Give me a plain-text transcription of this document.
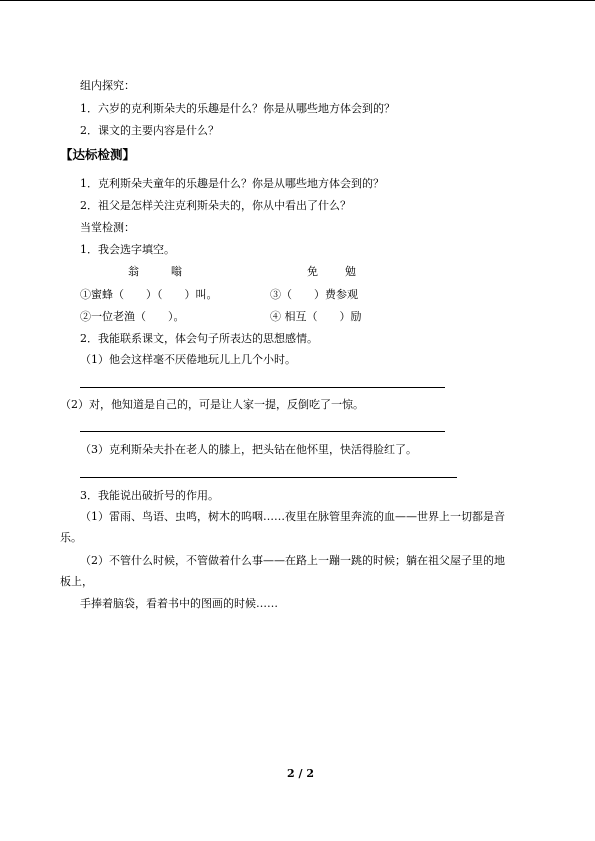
组内探究：
1．六岁的克利斯朵夫的乐趣是什么？你是从哪些地方体会到的？
2．课文的主要内容是什么？
【达标检测】
1．克利斯朵夫童年的乐趣是什么？你是从哪些地方体会到的？
2．祖父是怎样关注克利斯朵夫的，你从中看出了什么？
当堂检测：
1．我会选字填空。
翁	嗡	免 勉
①蜜蜂（　　）（　　）叫。	③（　　）费参观
②一位老渔（　　）。	④ 相互（　　）励
2．我能联系课文，体会句子所表达的思想感情。
（1）他会这样毫不厌倦地玩儿上几个小时。
（2）对，他知道是自己的，可是让人家一提，反倒吃了一惊。
（3）克利斯朵夫扑在老人的膝上，把头钻在他怀里，快活得脸红了。
3．我能说出破折号的作用。
（1）雷雨、鸟语、虫鸣，树木的呜咽……夜里在脉管里奔流的血——世界上一切都是音
乐。
（2）不管什么时候，不管做着什么事——在路上一蹦一跳的时候；躺在祖父屋子里的地
板上，
手捧着脑袋，看着书中的图画的时候……
2 / 2
